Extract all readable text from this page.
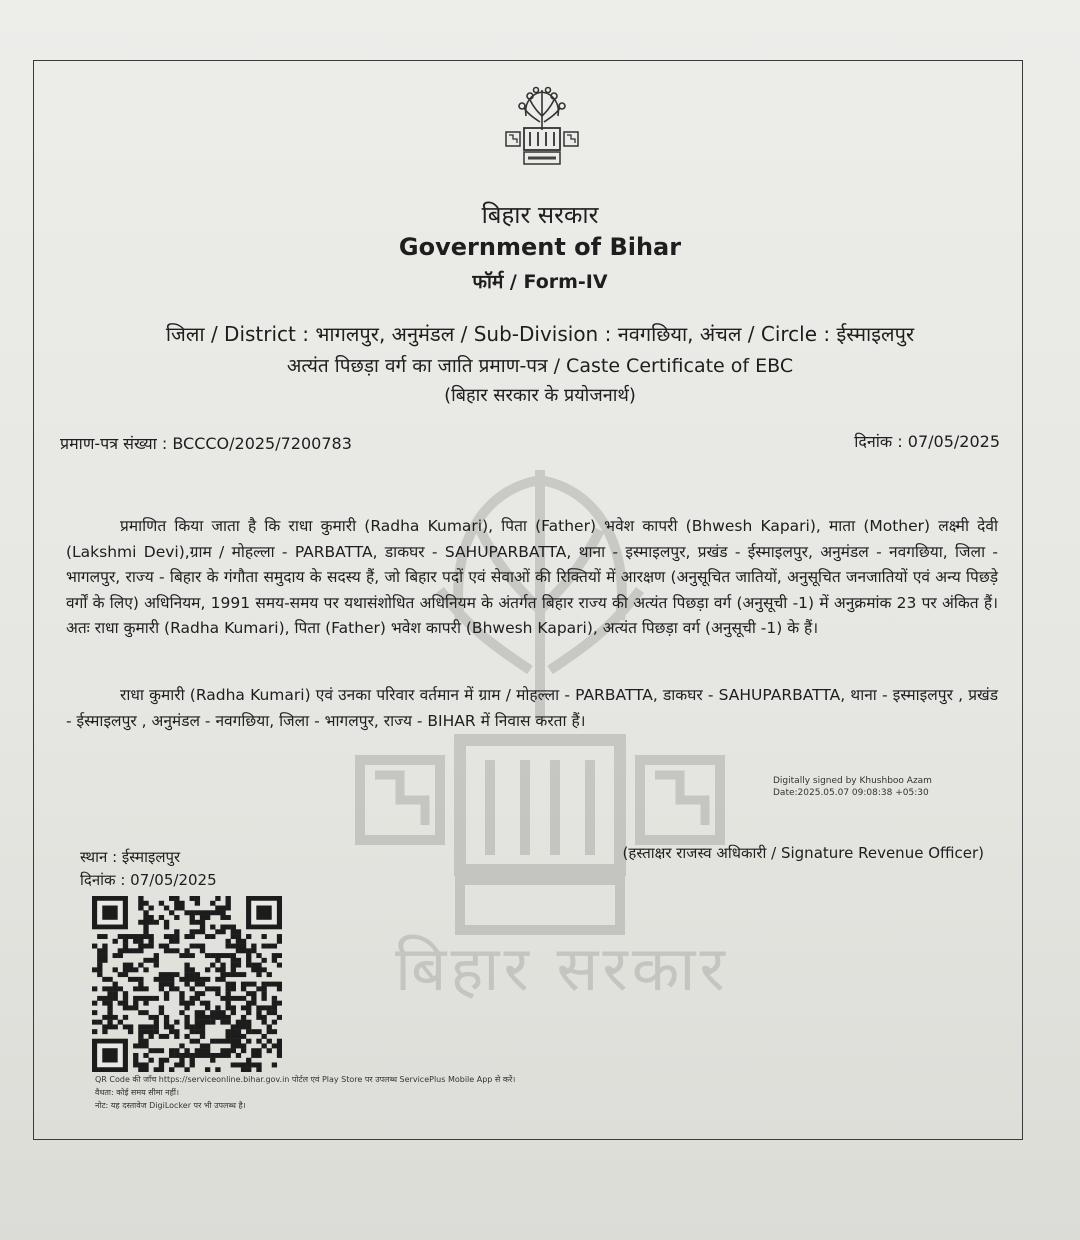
बिहार सरकार
बिहार सरकार
Government of Bihar
फॉर्म / Form-IV
जिला / District : भागलपुर, अनुमंडल / Sub-Division : नवगछिया, अंचल / Circle : ईस्माइलपुर
अत्यंत पिछड़ा वर्ग का जाति प्रमाण-पत्र / Caste Certificate of EBC
(बिहार सरकार के प्रयोजनार्थ)
प्रमाण-पत्र संख्या : BCCCO/2025/7200783	दिनांक : 07/05/2025
प्रमाणित किया जाता है कि राधा कुमारी (Radha Kumari), पिता (Father) भवेश कापरी (Bhwesh Kapari), माता (Mother) लक्ष्मी देवी (Lakshmi Devi),ग्राम / मोहल्ला - PARBATTA, डाकघर - SAHUPARBATTA, थाना - इस्माइलपुर, प्रखंड - ईस्माइलपुर, अनुमंडल - नवगछिया, जिला - भागलपुर, राज्य - बिहार के गंगौता समुदाय के सदस्य हैं, जो बिहार पदों एवं सेवाओं की रिक्तियों में आरक्षण (अनुसूचित जातियों, अनुसूचित जनजातियों एवं अन्य पिछड़े वर्गों के लिए) अधिनियम, 1991 समय-समय पर यथासंशोधित अधिनियम के अंतर्गत बिहार राज्य की अत्यंत पिछड़ा वर्ग (अनुसूची -1) में अनुक्रमांक 23 पर अंकित हैं। अतः राधा कुमारी (Radha Kumari), पिता (Father) भवेश कापरी (Bhwesh Kapari), अत्यंत पिछड़ा वर्ग (अनुसूची -1) के हैं।
राधा कुमारी (Radha Kumari) एवं उनका परिवार वर्तमान में ग्राम / मोहल्ला - PARBATTA, डाकघर - SAHUPARBATTA, थाना - इस्माइलपुर , प्रखंड - ईस्माइलपुर , अनुमंडल - नवगछिया, जिला - भागलपुर, राज्य - BIHAR में निवास करता हैं।
Digitally signed by Khushboo Azam
Date:2025.05.07 09:08:38 +05:30
(हस्ताक्षर राजस्व अधिकारी / Signature Revenue Officer)
स्थान : ईस्माइलपुर
दिनांक : 07/05/2025
QR Code की जाँच https://serviceonline.bihar.gov.in पोर्टल एवं Play Store पर उपलब्ध ServicePlus Mobile App से करें।
वैधता: कोई समय सीमा नहीं।
नोट: यह दस्तावेज DigiLocker पर भी उपलब्ध है।
